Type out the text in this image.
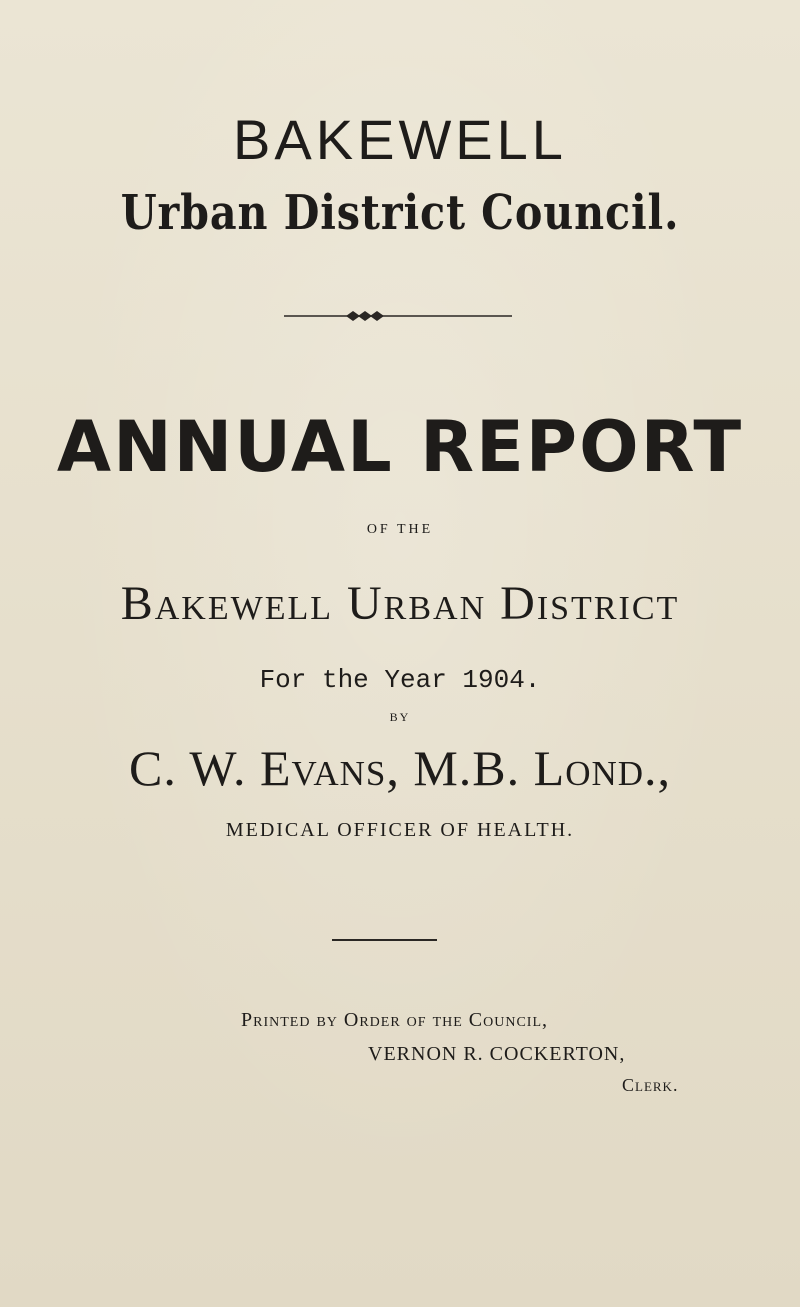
BAKEWELL
Urban District Council.
ANNUAL REPORT
OF THE
Bakewell Urban District
For the Year 1904.
BY
C. W. Evans, M.B. Lond.,
MEDICAL OFFICER OF HEALTH.
Printed by Order of the Council,
VERNON R. COCKERTON,
Clerk.
